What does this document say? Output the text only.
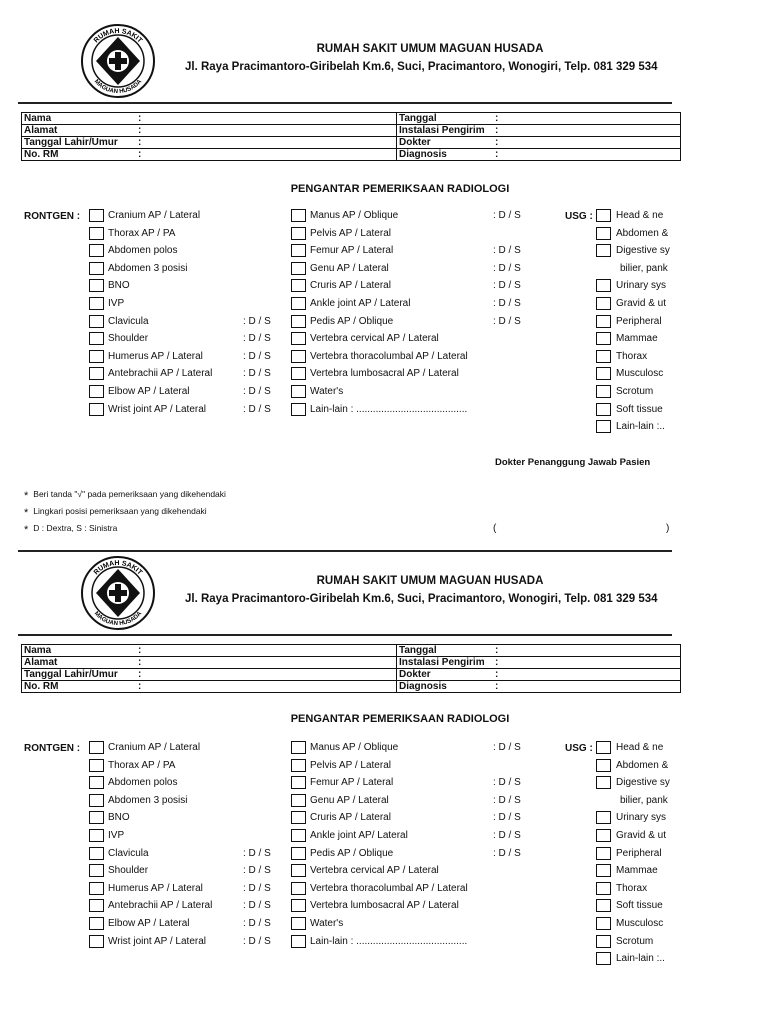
RUMAH SAKIT
MAGUAN HUSADA
RUMAH SAKIT UMUM MAGUAN HUSADA
Jl. Raya Pracimantoro-Giribelah Km.6, Suci, Pracimantoro, Wonogiri, Telp. 081 329 534
Nama :	Tanggal :
Alamat :	Instalasi Pengirim :
Tanggal Lahir/Umur :	Dokter :
No. RM :	Diagnosis :
PENGANTAR PEMERIKSAAN RADIOLOGI
RONTGEN :	USG :
Dokter Penanggung Jawab Pasien
* Beri tanda "√" pada pemeriksaan yang dikehendaki
* Lingkari posisi pemeriksaan yang dikehendaki
* D : Dextra, S : Sinistra	(	)
Cranium AP / Lateral
Thorax AP / PA
Abdomen polos
Abdomen 3 posisi
BNO
IVP
Clavicula	: D / S
Shoulder	: D / S
Humerus AP / Lateral	: D / S
Antebrachii AP / Lateral	: D / S
Elbow AP / Lateral	: D / S
Wrist joint AP / Lateral	: D / S
Manus AP / Oblique	: D / S
Pelvis AP / Lateral
Femur AP / Lateral	: D / S
Genu AP / Lateral	: D / S
Cruris AP / Lateral	: D / S
Ankle joint AP / Lateral	: D / S
Pedis AP / Oblique	: D / S
Vertebra cervical AP / Lateral
Vertebra thoracolumbal AP / Lateral
Vertebra lumbosacral AP / Lateral
Water's
Lain-lain : ........................................
Head & ne
Abdomen &
Digestive sy
bilier, pank
Urinary sys
Gravid & ut
Peripheral
Mammae
Thorax
Musculosc
Scrotum
Soft tissue
Lain-lain :..
RUMAH SAKIT
MAGUAN HUSADA
RUMAH SAKIT UMUM MAGUAN HUSADA
Jl. Raya Pracimantoro-Giribelah Km.6, Suci, Pracimantoro, Wonogiri, Telp. 081 329 534
Nama :	Tanggal :
Alamat :	Instalasi Pengirim :
Tanggal Lahir/Umur :	Dokter :
No. RM :	Diagnosis :
PENGANTAR PEMERIKSAAN RADIOLOGI
RONTGEN :	USG :
Cranium AP / Lateral
Thorax AP / PA
Abdomen polos
Abdomen 3 posisi
BNO
IVP
Clavicula	: D / S
Shoulder	: D / S
Humerus AP / Lateral	: D / S
Antebrachii AP / Lateral	: D / S
Elbow AP / Lateral	: D / S
Wrist joint AP / Lateral	: D / S
Manus AP / Oblique	: D / S
Pelvis AP / Lateral
Femur AP / Lateral	: D / S
Genu AP / Lateral	: D / S
Cruris AP / Lateral	: D / S
Ankle joint AP/ Lateral	: D / S
Pedis AP / Oblique	: D / S
Vertebra cervical AP / Lateral
Vertebra thoracolumbal AP / Lateral
Vertebra lumbosacral AP / Lateral
Water's
Lain-lain : ........................................
Head & ne
Abdomen &
Digestive sy
bilier, pank
Urinary sys
Gravid & ut
Peripheral
Mammae
Thorax
Soft tissue
Musculosc
Scrotum
Lain-lain :..
